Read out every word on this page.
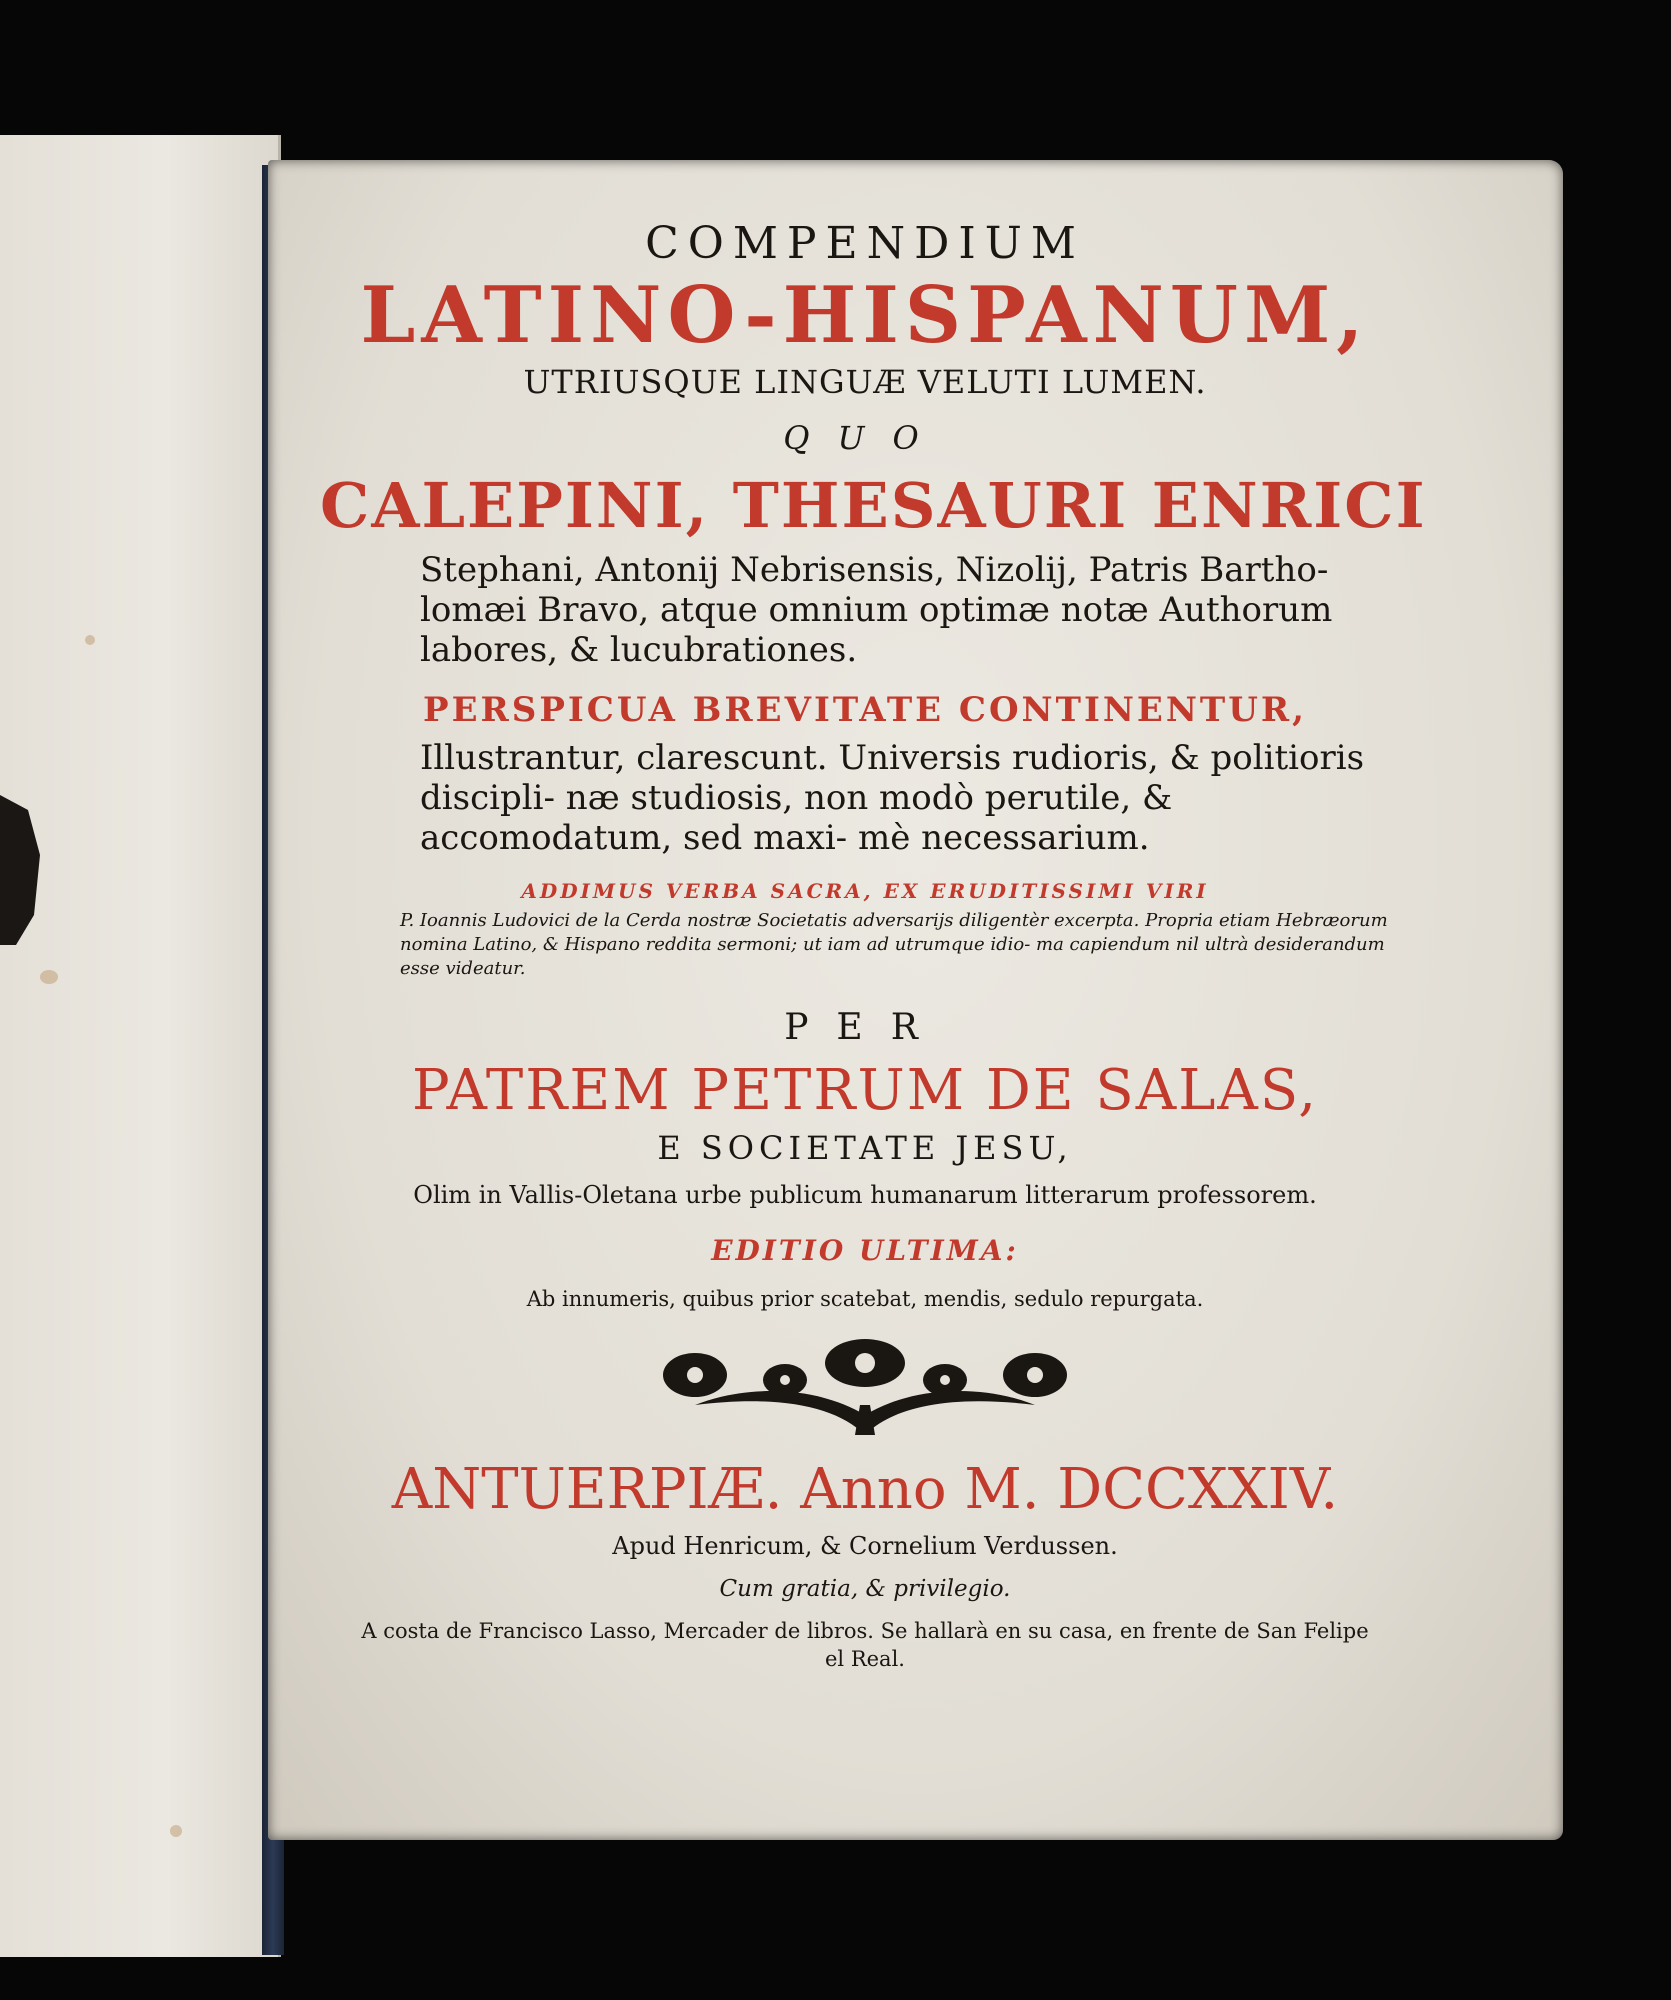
COMPENDIUM

LATINO-HISPANUM,

UTRIUSQUE LINGUÆ VELUTI LUMEN.

QUO

CALEPINI, THESAURI ENRICI

Stephani, Antonij Nebrisensis, Nizolij, Patris Bartho- lomæi Bravo, atque omnium optimæ notæ Authorum labores, & lucubrationes.

PERSPICUA BREVITATE CONTINENTUR,

Illustrantur, clarescunt. Universis rudioris, & politioris discipli- næ studiosis, non modò perutile, & accomodatum, sed maxi- mè necessarium.

ADDIMUS VERBA SACRA, EX ERUDITISSIMI VIRI

P. Ioannis Ludovici de la Cerda nostræ Societatis adversarijs diligentèr excerpta. Propria etiam Hebræorum nomina Latino, & Hispano reddita sermoni; ut iam ad utrumque idio- ma capiendum nil ultrà desiderandum esse videatur.

PER

PATREM PETRUM DE SALAS,

E SOCIETATE JESU,

Olim in Vallis-Oletana urbe publicum humanarum litterarum professorem.

EDITIO ULTIMA:

Ab innumeris, quibus prior scatebat, mendis, sedulo repurgata.

ANTUERPIÆ. Anno M. DCCXXIV.

Apud Henricum, & Cornelium Verdussen.

Cum gratia, & privilegio.

A costa de Francisco Lasso, Mercader de libros. Se hallarà en su casa, en frente de San Felipe el Real.
